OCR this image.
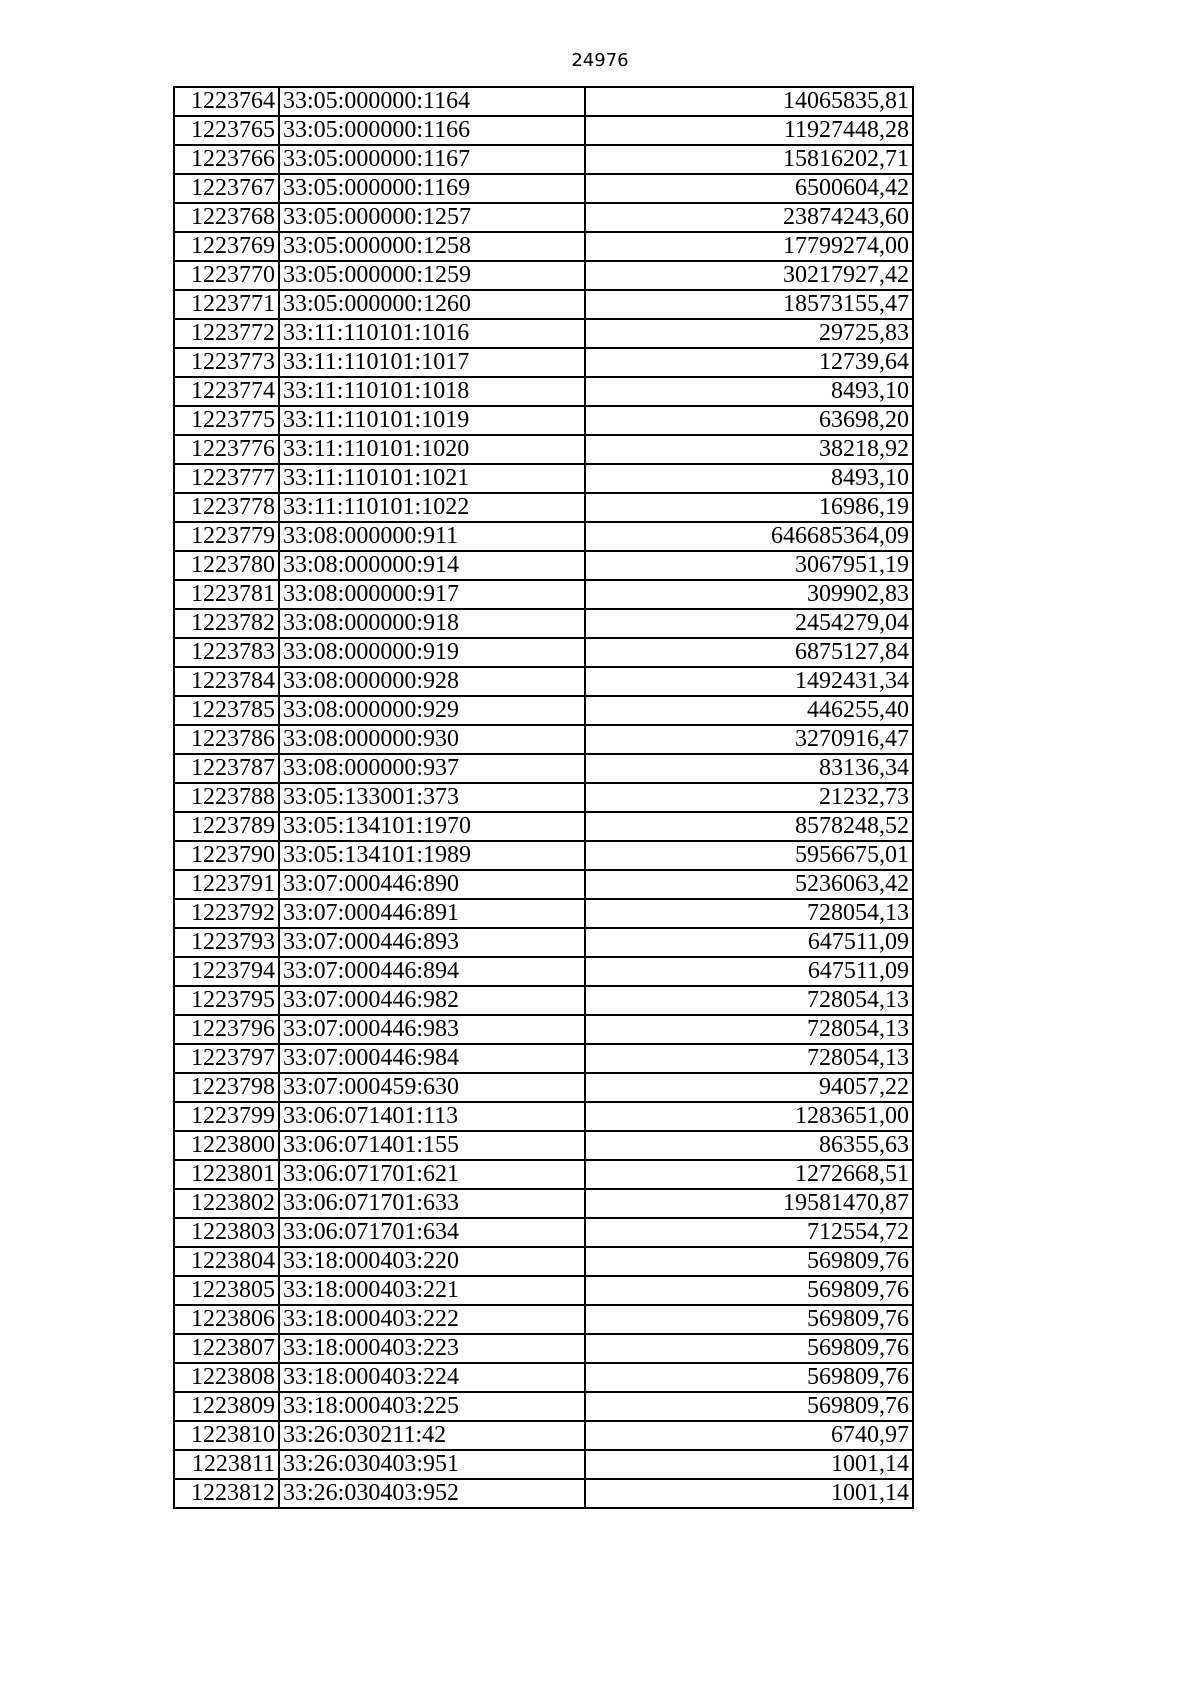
24976
1223764	33:05:000000:1164	14065835,81
1223765	33:05:000000:1166	11927448,28
1223766	33:05:000000:1167	15816202,71
1223767	33:05:000000:1169	6500604,42
1223768	33:05:000000:1257	23874243,60
1223769	33:05:000000:1258	17799274,00
1223770	33:05:000000:1259	30217927,42
1223771	33:05:000000:1260	18573155,47
1223772	33:11:110101:1016	29725,83
1223773	33:11:110101:1017	12739,64
1223774	33:11:110101:1018	8493,10
1223775	33:11:110101:1019	63698,20
1223776	33:11:110101:1020	38218,92
1223777	33:11:110101:1021	8493,10
1223778	33:11:110101:1022	16986,19
1223779	33:08:000000:911	646685364,09
1223780	33:08:000000:914	3067951,19
1223781	33:08:000000:917	309902,83
1223782	33:08:000000:918	2454279,04
1223783	33:08:000000:919	6875127,84
1223784	33:08:000000:928	1492431,34
1223785	33:08:000000:929	446255,40
1223786	33:08:000000:930	3270916,47
1223787	33:08:000000:937	83136,34
1223788	33:05:133001:373	21232,73
1223789	33:05:134101:1970	8578248,52
1223790	33:05:134101:1989	5956675,01
1223791	33:07:000446:890	5236063,42
1223792	33:07:000446:891	728054,13
1223793	33:07:000446:893	647511,09
1223794	33:07:000446:894	647511,09
1223795	33:07:000446:982	728054,13
1223796	33:07:000446:983	728054,13
1223797	33:07:000446:984	728054,13
1223798	33:07:000459:630	94057,22
1223799	33:06:071401:113	1283651,00
1223800	33:06:071401:155	86355,63
1223801	33:06:071701:621	1272668,51
1223802	33:06:071701:633	19581470,87
1223803	33:06:071701:634	712554,72
1223804	33:18:000403:220	569809,76
1223805	33:18:000403:221	569809,76
1223806	33:18:000403:222	569809,76
1223807	33:18:000403:223	569809,76
1223808	33:18:000403:224	569809,76
1223809	33:18:000403:225	569809,76
1223810	33:26:030211:42	6740,97
1223811	33:26:030403:951	1001,14
1223812	33:26:030403:952	1001,14
